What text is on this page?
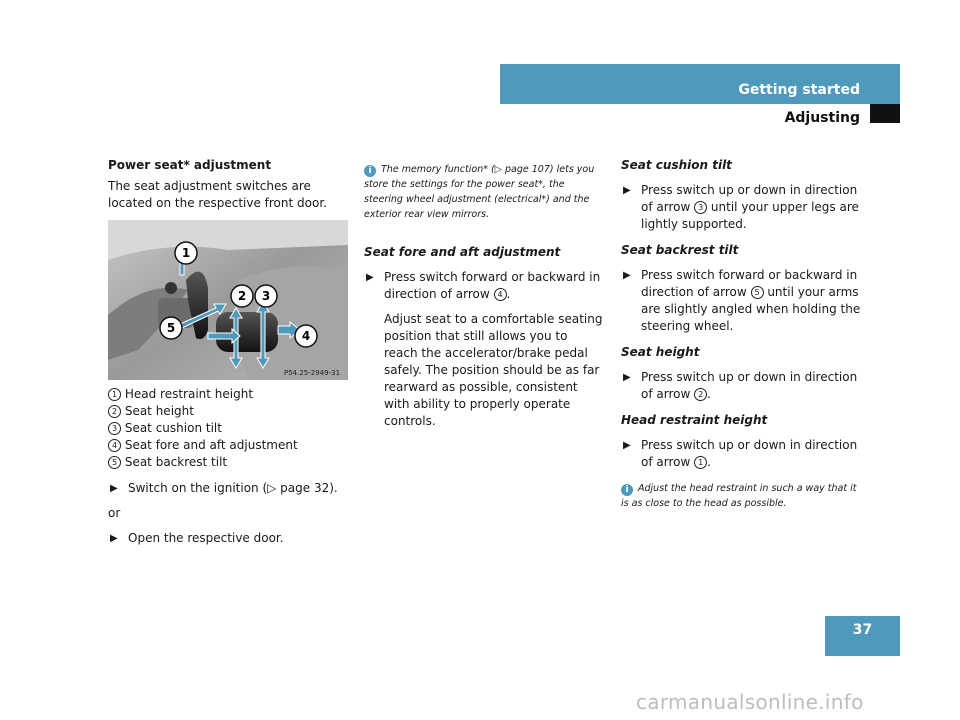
Getting started
Adjusting

Power seat* adjustment

The seat adjustment switches are located on the respective front door.

1
2 3
4
5
P54.25-2949-31

1 Head restraint height

2 Seat height

3 Seat cushion tilt

4 Seat fore and aft adjustment

5 Seat backrest tilt

▶ Switch on the ignition (▷ page 32).

or

▶ Open the respective door.

i The memory function* (▷ page 107) lets you store the settings for the power seat*, the steering wheel adjustment (electrical*) and the exterior rear view mirrors.

Seat fore and aft adjustment

▶ Press switch forward or backward in direction of arrow 4 .

Adjust seat to a comfortable seating position that still allows you to reach the accelerator/brake pedal safely. The position should be as far rearward as possible, consistent with ability to properly operate controls.

Seat cushion tilt

▶ Press switch up or down in direction of arrow 3 until your upper legs are lightly supported.

Seat backrest tilt

▶ Press switch forward or backward in direction of arrow 5 until your arms are slightly angled when holding the steering wheel.

Seat height

▶ Press switch up or down in direction of arrow 2 .

Head restraint height

▶ Press switch up or down in direction of arrow 1 .

i Adjust the head restraint in such a way that it is as close to the head as possible.

37
carmanualsonline.info
